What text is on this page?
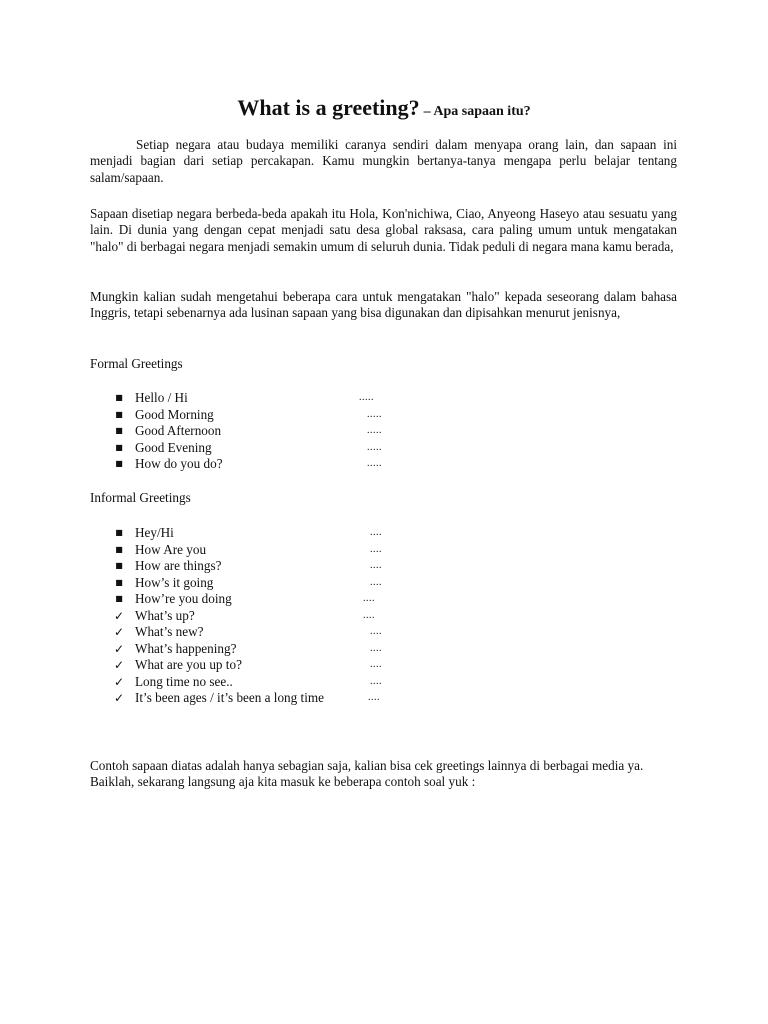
What is a greeting? – Apa sapaan itu?

Setiap negara atau budaya memiliki caranya sendiri dalam menyapa orang lain, dan sapaan ini menjadi bagian dari setiap percakapan. Kamu mungkin bertanya-tanya mengapa perlu belajar tentang salam/sapaan.

Sapaan disetiap negara berbeda-beda apakah itu Hola, Kon'nichiwa, Ciao, Anyeong Haseyo atau sesuatu yang lain. Di dunia yang dengan cepat menjadi satu desa global raksasa, cara paling umum untuk mengatakan "halo" di berbagai negara menjadi semakin umum di seluruh dunia. Tidak peduli di negara mana kamu berada,

Mungkin kalian sudah mengetahui beberapa cara untuk mengatakan "halo" kepada seseorang dalam bahasa Inggris, tetapi sebenarnya ada lusinan sapaan yang bisa digunakan dan dipisahkan menurut jenisnya,

Formal Greetings

■ Hello / Hi	.....
■ Good Morning	.....
■ Good Afternoon	.....
■ Good Evening	.....
■ How do you do?	.....

Informal Greetings

■ Hey/Hi	....
■ How Are you	....
■ How are things?	....
■ How’s it going	....
■ How’re you doing	....
✓ What’s up?	....
✓ What’s new?	....
✓ What’s happening?	....
✓ What are you up to?	....
✓ Long time no see..	....
✓ It’s been ages / it’s been a long time	....

Contoh sapaan diatas adalah hanya sebagian saja, kalian bisa cek greetings lainnya di berbagai media ya. Baiklah, sekarang langsung aja kita masuk ke beberapa contoh soal yuk :
